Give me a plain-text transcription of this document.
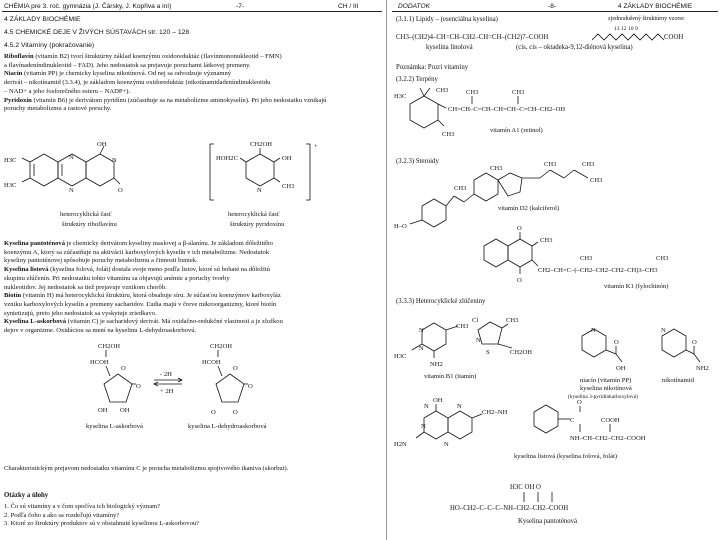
CHÉMIA pre 3. roč. gymnázia (J. Čársky, J. Kopřiva a iní)	-7-	CH / III	DODATOK	-8-	4 ZÁKLADY BIOCHÉMIE
4 ZÁKLADY BIOCHÉMIE
4.5 CHEMICKÉ DEJE V ŽIVÝCH SÚSTAVÁCH str. 120 – 128
4.5.2 Vitamíny (pokračovanie)
Riboflavín (vitamín B2) tvorí štruktúrny základ koenzýmu oxidoreduktáz (flavínmononukleotid – FMN)
a flavínadeníndinukleotid – FAD). Jeho nedostatok sa prejavuje poruchami látkovej premeny.
Niacín (vitamín PP) je chemicky kyselina nikotínová. Od nej sa odvodzuje významný
derivát – nikotínamid (3.3.4), je základom koenzýmu oxidoreduktáz (nikotínamidadeníndinukleotidu
– NAD+ a jeho fosforečného esteru – NADP+).
Pyridoxín (vitamín B6) je derivátom pyridínu (zúčastňuje sa na metabolizme aminokyselín). Pri jeho nedostatku vznikajú
poruchy metabolizmu a rastové poruchy.
OH
H3C
H3C
N
N
N
O
heterocyklická časť
štruktúry riboflavínu
CH2OH
OH
CH3
HOH2C
N
+
heterocyklická časť
štruktúry pyridoxínu
Kyselina pantoténová je chemicky derivátom kyseliny maslovej a β-alanínu. Je základom dôležitého
koenzýmu A, ktorý sa zúčastňuje na aktivácii karboxylových kyselín v ich metabolizme. Nedostatok
kyseliny pantoténovej spôsobuje poruchy metabolizmu a činnosti buniek.
Kyselina listová (kyselina folová, folát) dostala svoje meno podľa listov, ktoré sú bohaté na dôležitú
skupinu zlúčenín. Pri nedostatku tohto vitamínu sa objavujú anémie a poruchy tvorby
nukleotidov. Jej nedostatok sa tiež prejavuje vznikom chorôb.
Biotín (vitamín H) má heterocyklickú štruktúru, ktorá obsahuje síru. Je súčasťou koenzýmov karboxyláz
vzniku karboxylových kyselín a premeny sacharidov. Ľudia majú v čreve mikroorganizmy, ktoré biotín
syntetizujú, preto jeho nedostatok sa vyskytuje zriedkavo.
Kyselina L-askorbová (vitamín C) je sacharidový derivát. Má oxidačno-redukčné vlastnosti a je zložkou
dejov v organizme. Oxidáciou sa mení na kyselinu L-dehydroaskorbovú.
CH2OH
HCOH
O
O
OH OH
- 2H
+ 2H
CH2OH
HCOH
O
O
O	O
kyselina L-askorbová	kyselina L-dehydroaskorbová
Charakteristickým prejavom nedostatku vitamínu C je porucha metabolizmu spojivového tkaniva (skorbut).
Otázky a úlohy
1. Čo sú vitamíny a v čom spočíva ich biologický význam?
2. Podľa čoho a ako sa rozdeľujú vitamíny?
3. Ktoré zo štruktúry produktov sú v obsiahnuté kyselinou L-askorbovou?
(3.1.1) Lipidy – (esenciálna kyselina)	zjednodušený štruktúrny vzorec
13 12 10 9
COOH
CH3–(CH2)4–CH=CH–CH2–CH=CH–(CH2)7–COOH
kyselina linolová	(cis, cis – oktadeka-9,12-diénová kyselina)
Poznámka: Pozri vitamíny
(3.2.2) Terpény
H3C
CH3	CH3	CH3
CH3
CH=CH–C=CH–CH=CH–C=CH–CH2–OH
vitamín A1 (retinol)
(3.2.3) Steroidy
CH3
CH3	CH3
CH3
CH3
H–O
vitamín D2 (kalciferol)
O
O
CH3
CH3	CH3
CH2–CH=C–(–CH2–CH2–CH2–CH)3–CH3
vitamín K1 (fylochinón)
(3.3.3) Heterocyklické zlúčeniny
CH3
Cl
N
N
N
S
H3C
NH2
CH3
CH2OH
vitamín B1 (tiamín)
N
O
OH
niacín (vitamín PP)
kyselina nikotínová
(kyselina 3-pyridínkarboxylová)
N
O
NH2
nikotínamid
OH
N	N
N
N
H2N
CH2–NH
O
C	COOH
NH–CH–CH2–CH2–COOH
kyselina listová (kyselina folová, folát)
H3C OH O
HO–CH2–C–C–C–NH–CH2–CH2–COOH
Kyselina pantoténová
